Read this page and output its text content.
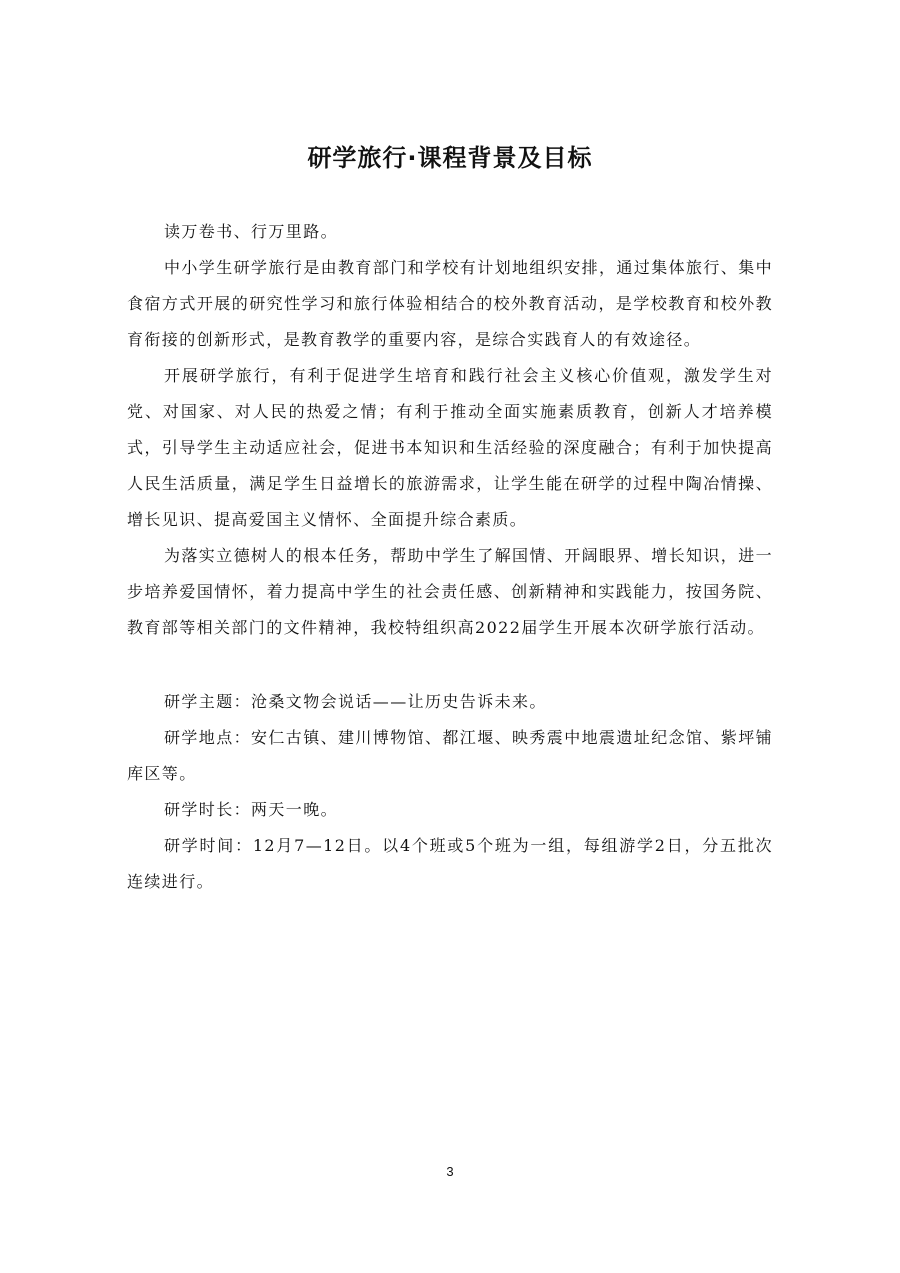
研学旅行·课程背景及目标

读万卷书、行万里路。

中小学生研学旅行是由教育部门和学校有计划地组织安排，通过集体旅行、集中食宿方式开展的研究性学习和旅行体验相结合的校外教育活动，是学校教育和校外教育衔接的创新形式，是教育教学的重要内容，是综合实践育人的有效途径。

开展研学旅行，有利于促进学生培育和践行社会主义核心价值观，激发学生对党、对国家、对人民的热爱之情；有利于推动全面实施素质教育，创新人才培养模式，引导学生主动适应社会，促进书本知识和生活经验的深度融合；有利于加快提高人民生活质量，满足学生日益增长的旅游需求，让学生能在研学的过程中陶冶情操、增长见识、提高爱国主义情怀、全面提升综合素质。

为落实立德树人的根本任务，帮助中学生了解国情、开阔眼界、增长知识，进一步培养爱国情怀，着力提高中学生的社会责任感、创新精神和实践能力，按国务院、教育部等相关部门的文件精神，我校特组织高2022届学生开展本次研学旅行活动。

研学主题：沧桑文物会说话——让历史告诉未来。

研学地点：安仁古镇、建川博物馆、都江堰、映秀震中地震遗址纪念馆、紫坪铺库区等。

研学时长：两天一晚。

研学时间：12月7—12日。以4个班或5个班为一组，每组游学2日，分五批次连续进行。

3
